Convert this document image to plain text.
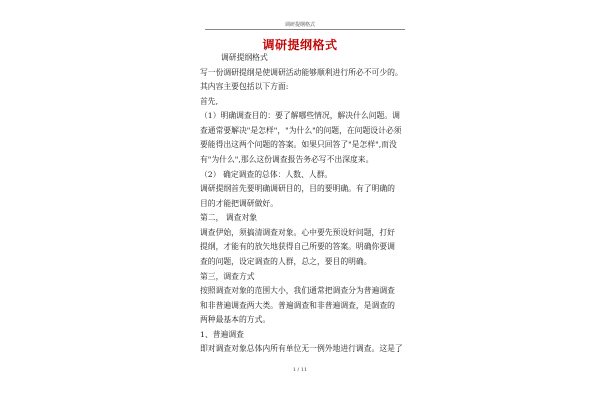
调研提纲格式
调研提纲格式
调研提纲格式
写一份调研提纲是使调研活动能够顺利进行所必不可少的。
其内容主要包括以下方面:
首先,
（1）明确调查目的：要了解哪些情况，解决什么问题。调
查通常要解决"是怎样"，"为什么"的问题，在问题设计必须
要能得出这两个问题的答案。如果只回答了"是怎样",而没
有"为什么",那么这份调查报告务必写不出深度来。
（2） 确定调查的总体：人数、人群。
调研提纲首先要明确调研目的，目的要明确。有了明确的
目的才能把调研做好。
第二， 调查对象
调查伊始，须搞清调查对象。心中要先预设好问题，打好
提纲，才能有的放矢地获得自己所要的答案。明确你要调
查的问题，设定调查的人群，总之，要目的明确。
第三，调查方式
按照调查对象的范围大小，我们通常把调查分为普遍调查
和非普遍调查两大类。普遍调查和非普遍调查，是调查的
两种最基本的方式。
1、普遍调查
即对调查对象总体内所有单位无一例外地进行调查。这是了
1 / 11
